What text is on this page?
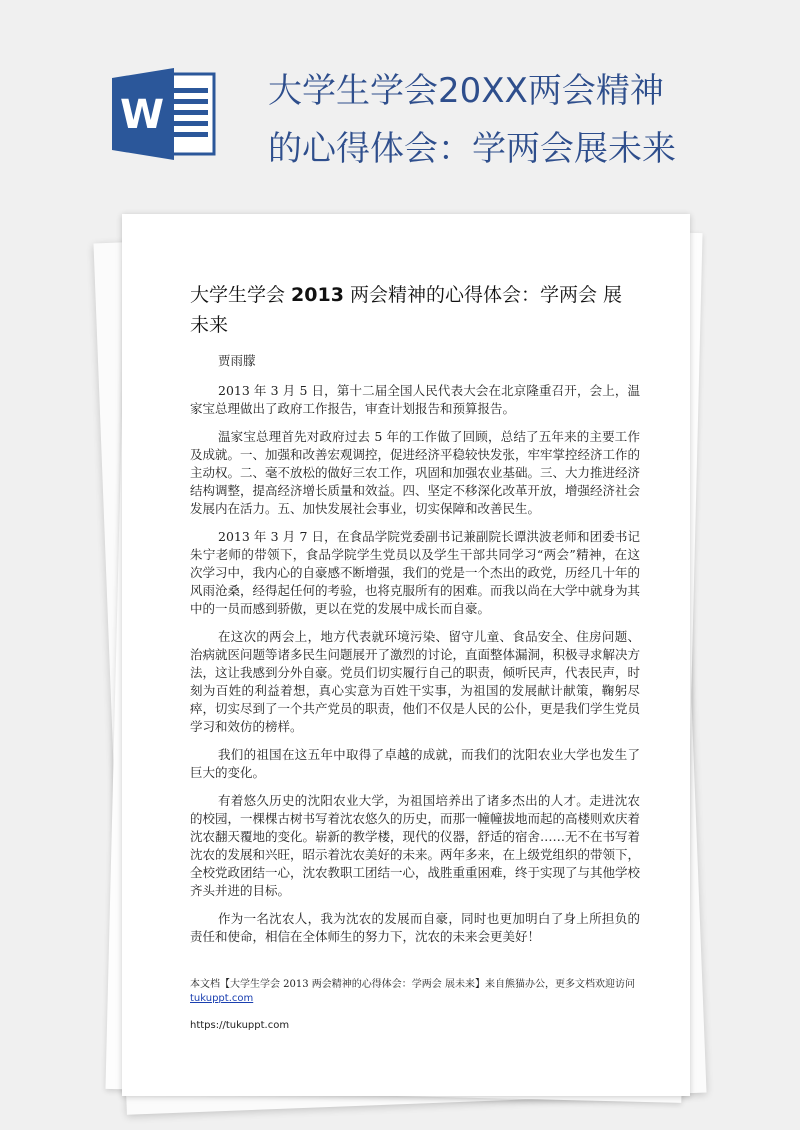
W
大学生学会20XX两会精神
的心得体会：学两会展未来
大学生学会 2013 两会精神的心得体会：学两会 展未来

贾雨朦

2013 年 3 月 5 日，第十二届全国人民代表大会在北京隆重召开，会上，温家宝总理做出了政府工作报告，审查计划报告和预算报告。

温家宝总理首先对政府过去 5 年的工作做了回顾，总结了五年来的主要工作及成就。一、加强和改善宏观调控，促进经济平稳较快发张，牢牢掌控经济工作的主动权。二、毫不放松的做好三农工作，巩固和加强农业基础。三、大力推进经济结构调整，提高经济增长质量和效益。四、坚定不移深化改革开放，增强经济社会发展内在活力。五、加快发展社会事业，切实保障和改善民生。

2013 年 3 月 7 日，在食品学院党委副书记兼副院长谭洪波老师和团委书记朱宁老师的带领下，食品学院学生党员以及学生干部共同学习“两会”精神，在这次学习中，我内心的自豪感不断增强，我们的党是一个杰出的政党，历经几十年的风雨沧桑，经得起任何的考验，也将克服所有的困难。而我以尚在大学中就身为其中的一员而感到骄傲，更以在党的发展中成长而自豪。

在这次的两会上，地方代表就环境污染、留守儿童、食品安全、住房问题、治病就医问题等诸多民生问题展开了激烈的讨论，直面整体漏洞，积极寻求解决方法，这让我感到分外自豪。党员们切实履行自己的职责，倾听民声，代表民声，时刻为百姓的利益着想，真心实意为百姓干实事，为祖国的发展献计献策，鞠躬尽瘁，切实尽到了一个共产党员的职责，他们不仅是人民的公仆，更是我们学生党员学习和效仿的榜样。

我们的祖国在这五年中取得了卓越的成就，而我们的沈阳农业大学也发生了巨大的变化。

有着悠久历史的沈阳农业大学，为祖国培养出了诸多杰出的人才。走进沈农的校园，一棵棵古树书写着沈农悠久的历史，而那一幢幢拔地而起的高楼则欢庆着沈农翻天覆地的变化。崭新的教学楼，现代的仪器，舒适的宿舍……无不在书写着沈农的发展和兴旺，昭示着沈农美好的未来。两年多来，在上级党组织的带领下，全校党政团结一心，沈农教职工团结一心，战胜重重困难，终于实现了与其他学校齐头并进的目标。

作为一名沈农人，我为沈农的发展而自豪，同时也更加明白了身上所担负的责任和使命，相信在全体师生的努力下，沈农的未来会更美好！

本文档【大学生学会 2013 两会精神的心得体会：学两会 展未来】来自熊猫办公，更多文档欢迎访问
tukuppt.com
https://tukuppt.com
